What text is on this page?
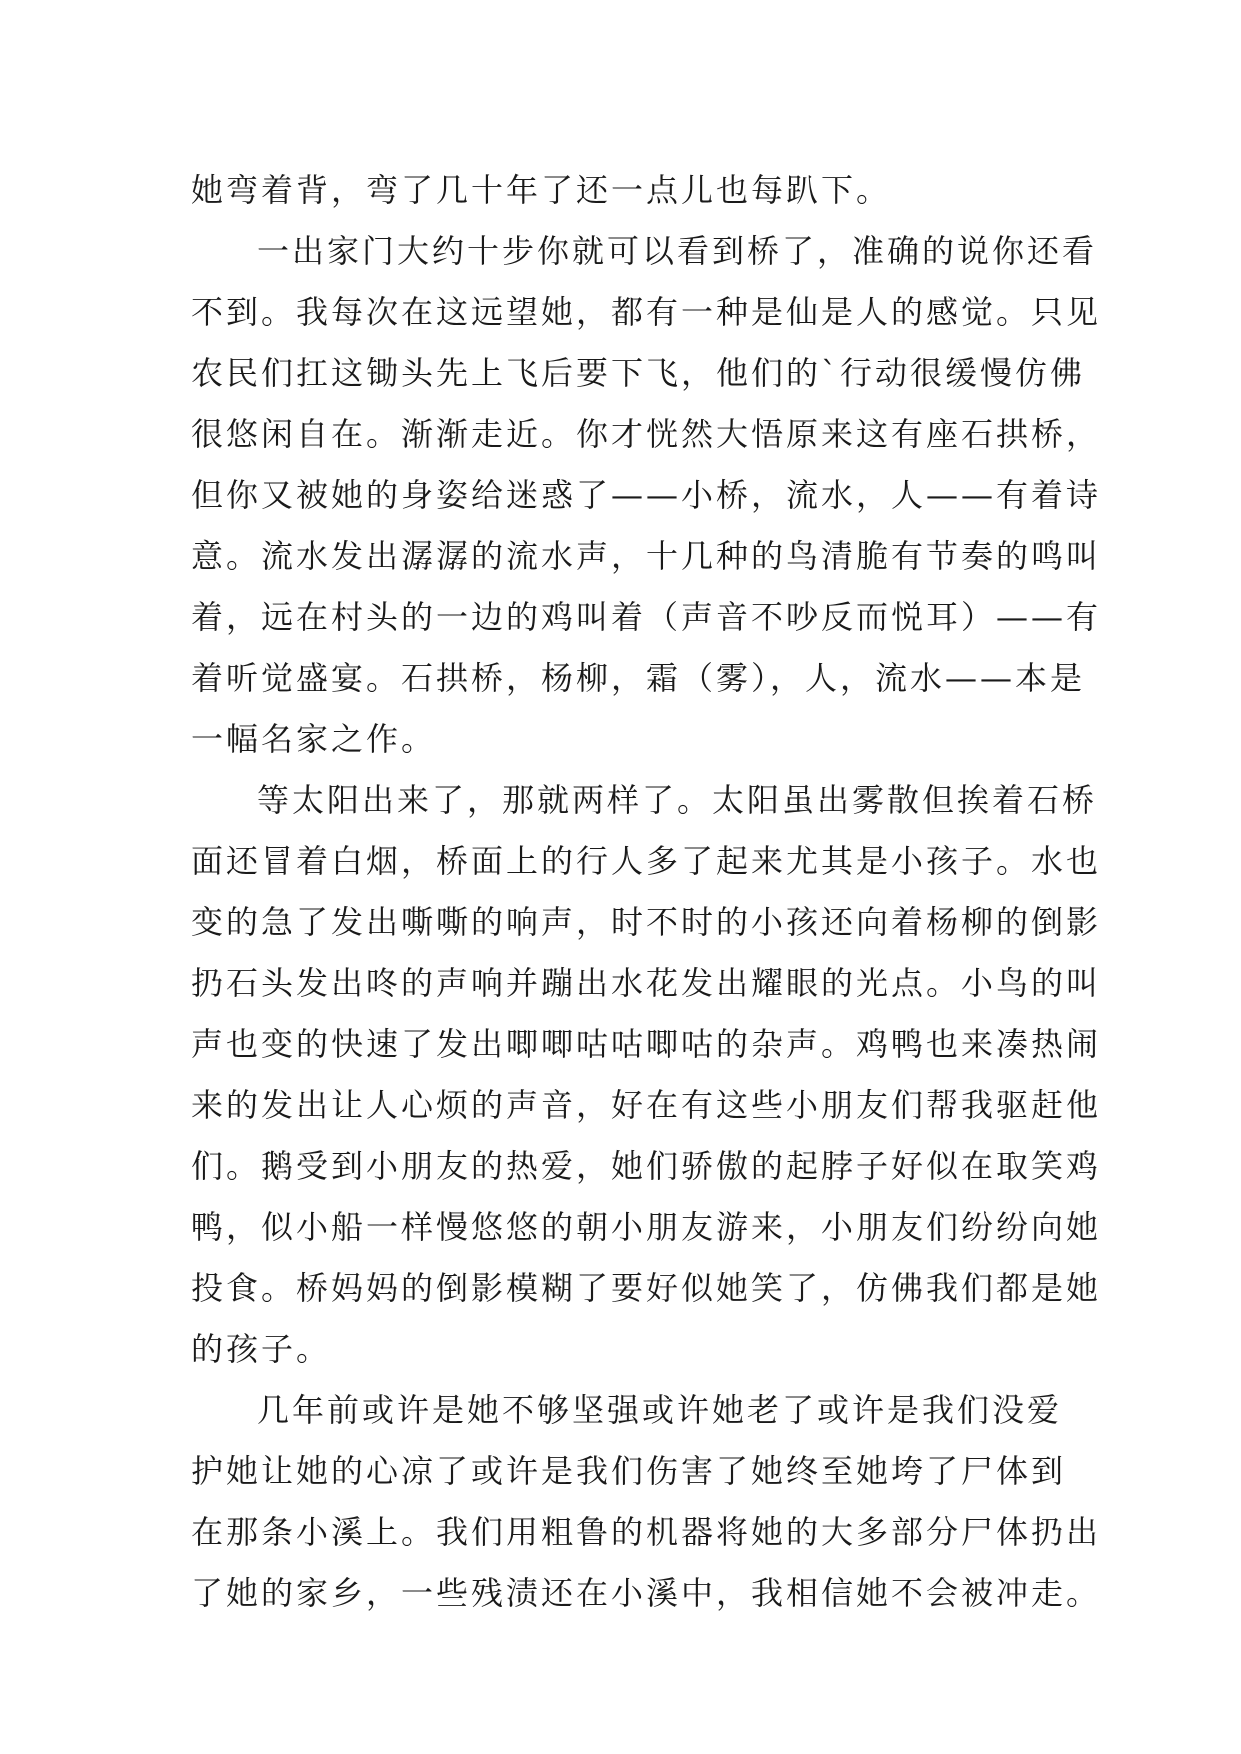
她弯着背，弯了几十年了还一点儿也每趴下。
一出家门大约十步你就可以看到桥了，准确的说你还看
不到。我每次在这远望她，都有一种是仙是人的感觉。只见
农民们扛这锄头先上飞后要下飞，他们的`行动很缓慢仿佛
很悠闲自在。渐渐走近。你才恍然大悟原来这有座石拱桥，
但你又被她的身姿给迷惑了——小桥，流水，人——有着诗
意。流水发出潺潺的流水声，十几种的鸟清脆有节奏的鸣叫
着，远在村头的一边的鸡叫着（声音不吵反而悦耳）——有
着听觉盛宴。石拱桥，杨柳，霜（雾），人，流水——本是
一幅名家之作。
等太阳出来了，那就两样了。太阳虽出雾散但挨着石桥
面还冒着白烟，桥面上的行人多了起来尤其是小孩子。水也
变的急了发出嘶嘶的响声，时不时的小孩还向着杨柳的倒影
扔石头发出咚的声响并蹦出水花发出耀眼的光点。小鸟的叫
声也变的快速了发出唧唧咕咕唧咕的杂声。鸡鸭也来凑热闹
来的发出让人心烦的声音，好在有这些小朋友们帮我驱赶他
们。鹅受到小朋友的热爱，她们骄傲的起脖子好似在取笑鸡
鸭，似小船一样慢悠悠的朝小朋友游来，小朋友们纷纷向她
投食。桥妈妈的倒影模糊了要好似她笑了，仿佛我们都是她
的孩子。
几年前或许是她不够坚强或许她老了或许是我们没爱
护她让她的心凉了或许是我们伤害了她终至她垮了尸体到
在那条小溪上。我们用粗鲁的机器将她的大多部分尸体扔出
了她的家乡，一些残渍还在小溪中，我相信她不会被冲走。
